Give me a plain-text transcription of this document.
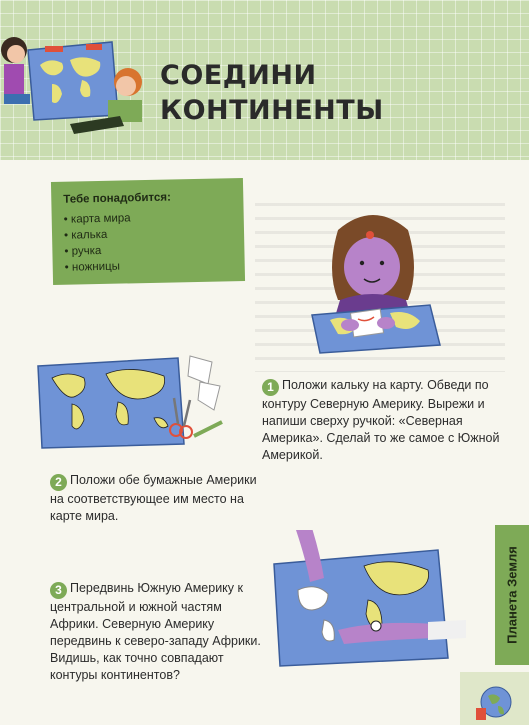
СОЕДИНИ
КОНТИНЕНТЫ
Тебе понадобится:
• карта мира
• калька
• ручка
• ножницы
1 Положи кальку на карту. Обведи по контуру Северную Америку. Вырежи и напиши сверху ручкой: «Северная Америка». Сделай то же самое с Южной Америкой.
2 Положи обе бумажные Америки на соответствующее им место на карте мира.
3 Передвинь Южную Америку к центральной и южной частям Африки. Северную Америку передвинь к северо-западу Африки. Видишь, как точно совпадают контуры континентов?
Планета Земля
